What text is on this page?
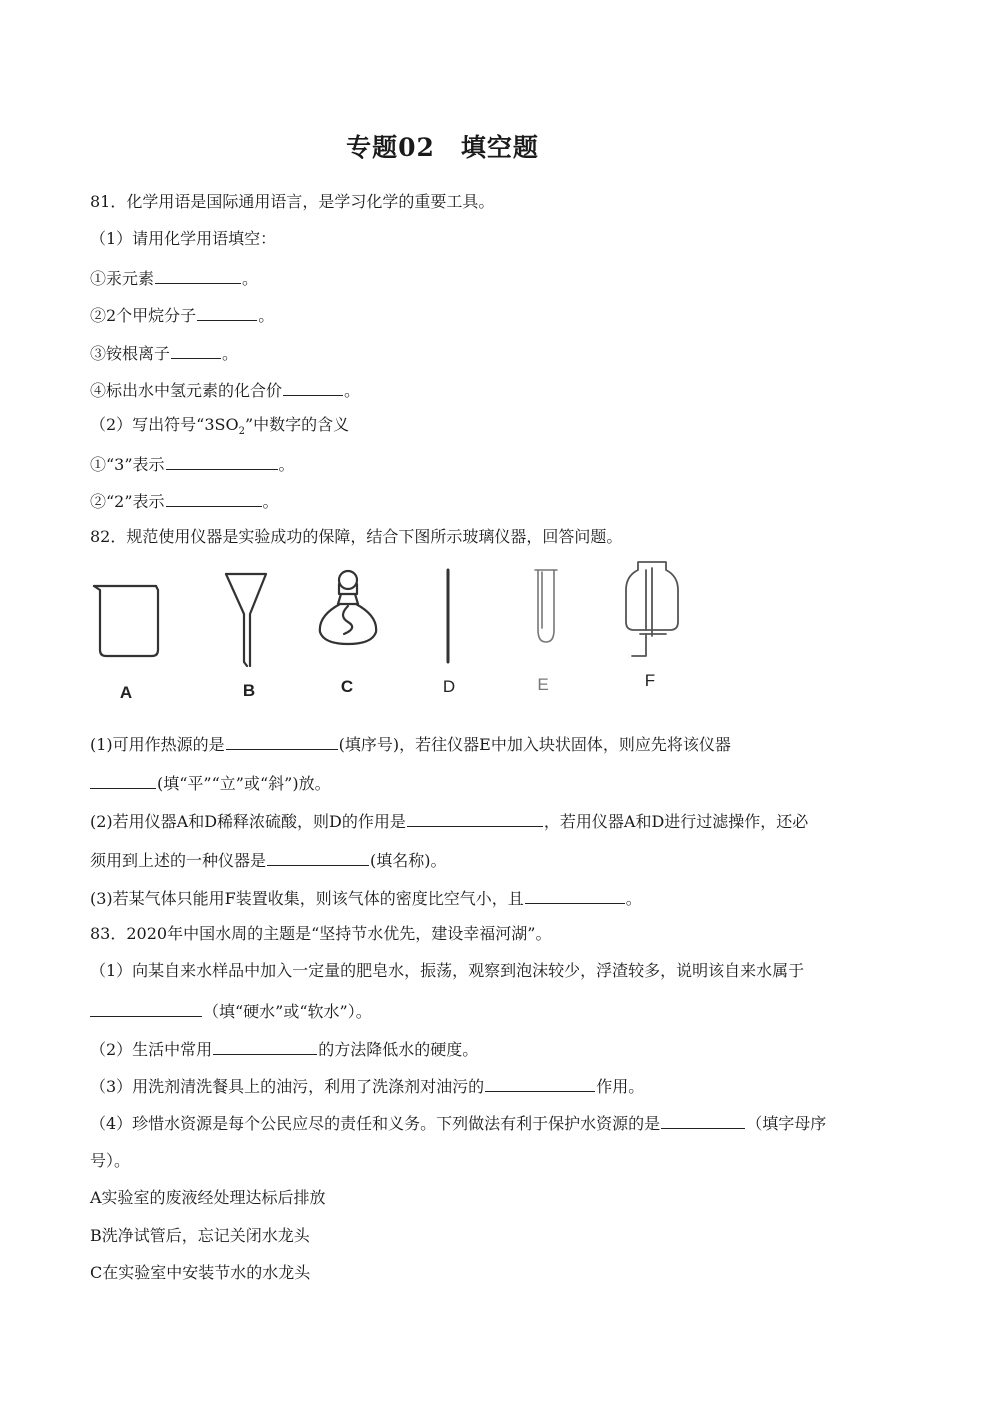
专题02　填空题
81．化学用语是国际通用语言，是学习化学的重要工具。
（1）请用化学用语填空：
①汞元素	。
②2个甲烷分子	。
③铵根离子	。
④标出水中氢元素的化合价	。
（2）写出符号“$3SO_2$”中数字的含义
①“3”表示	。
②“2”表示	。
82．规范使用仪器是实验成功的保障，结合下图所示玻璃仪器，回答问题。
A	B	C	D	E	F
(1)可用作热源的是	(填序号)，若往仪器E中加入块状固体，则应先将该仪器
(填“平”“立”或“斜”)放。
(2)若用仪器A和D稀释浓硫酸，则D的作用是	，若用仪器A和D进行过滤操作，还必
须用到上述的一种仪器是	(填名称)。
(3)若某气体只能用F装置收集，则该气体的密度比空气小，且	。
83．2020年中国水周的主题是“坚持节水优先，建设幸福河湖”。
（1）向某自来水样品中加入一定量的肥皂水，振荡，观察到泡沫较少，浮渣较多，说明该自来水属于
（填“硬水”或“软水”）。
（2）生活中常用	的方法降低水的硬度。
（3）用洗剂清洗餐具上的油污，利用了洗涤剂对油污的	作用。
（4）珍惜水资源是每个公民应尽的责任和义务。下列做法有利于保护水资源的是	（填字母序
号）。
A实验室的废液经处理达标后排放
B洗净试管后，忘记关闭水龙头
C在实验室中安装节水的水龙头
